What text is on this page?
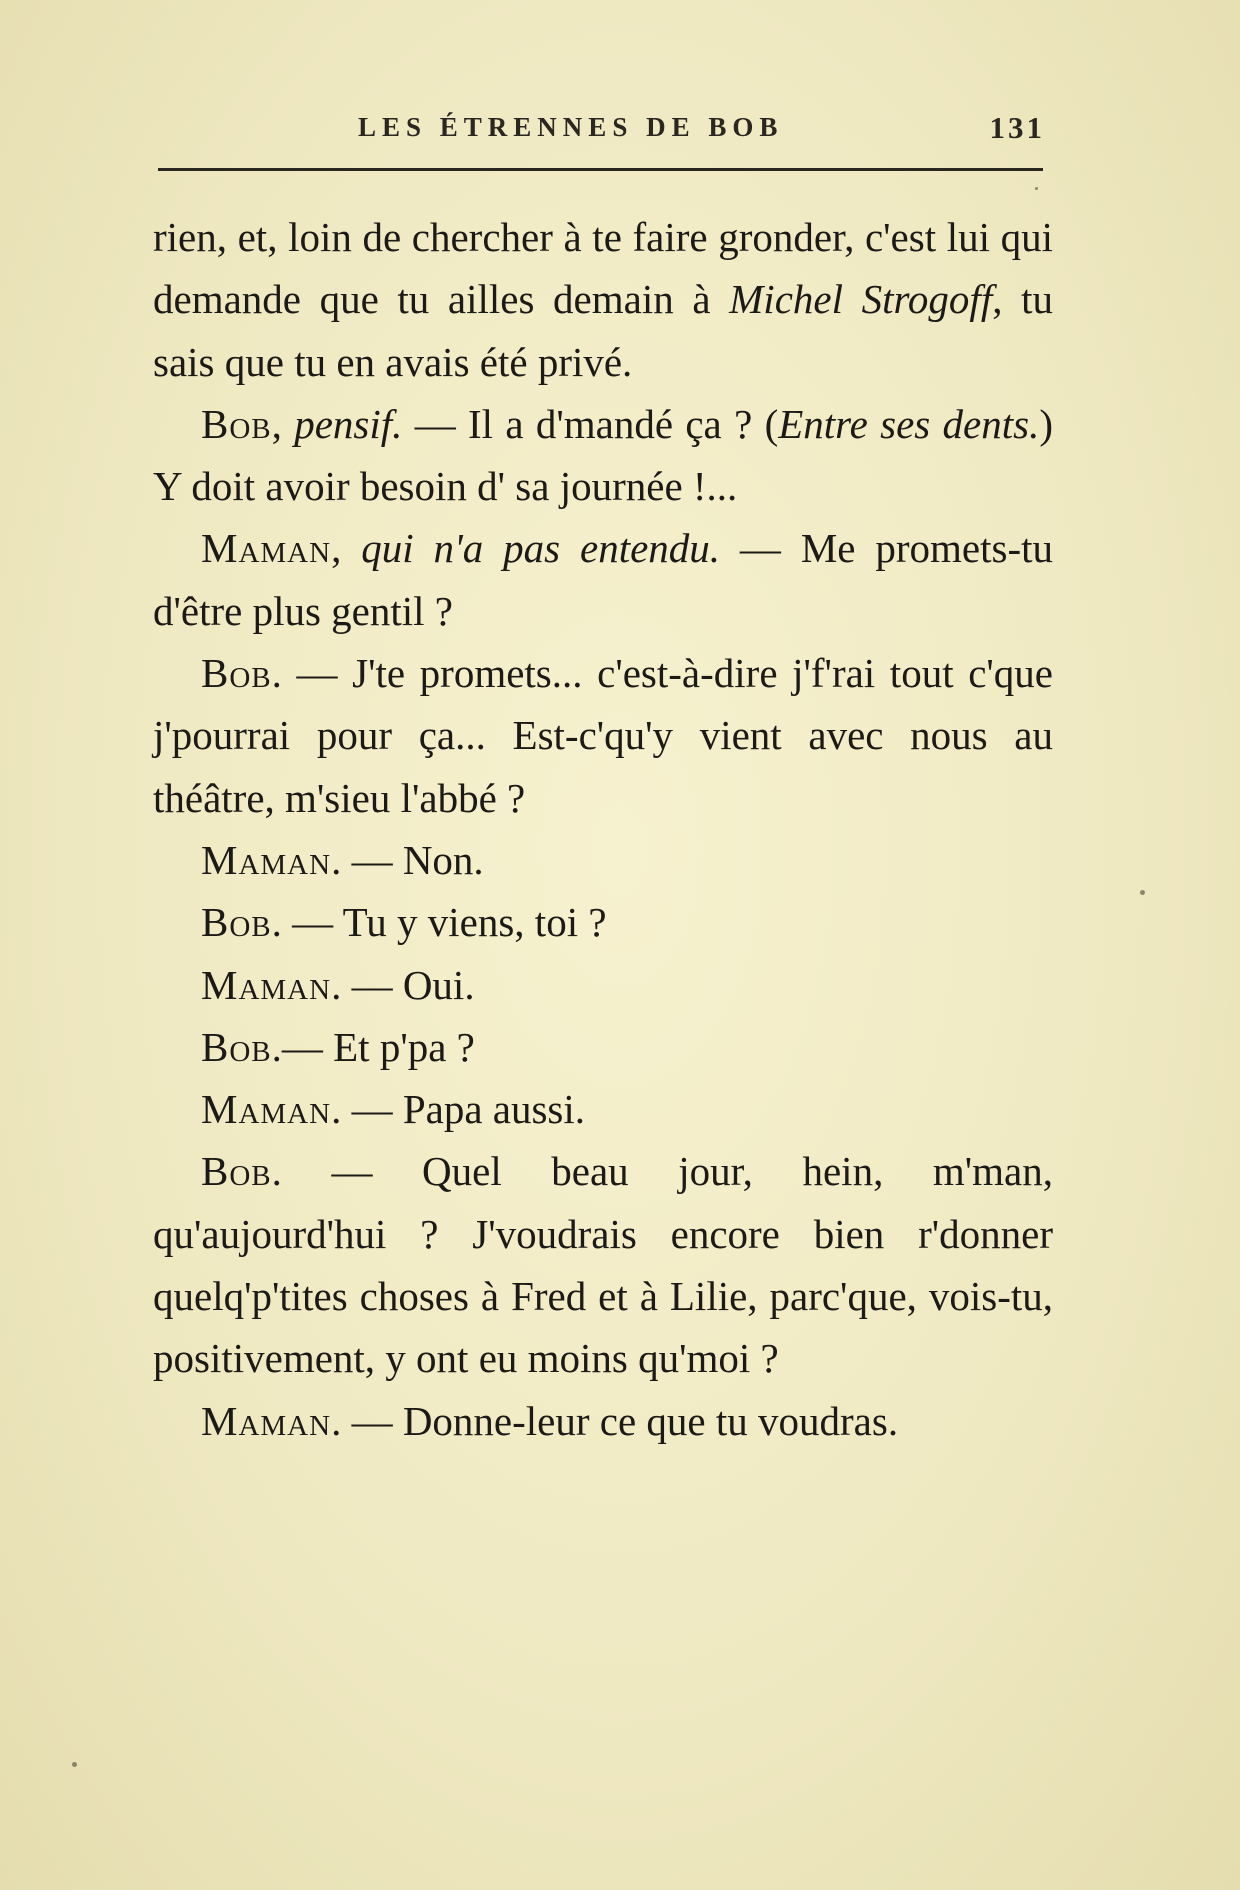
LES ÉTRENNES DE BOB	131

rien, et, loin de chercher à te faire gronder, c'est lui qui demande que tu ailles demain à Michel Strogoff, tu sais que tu en avais été privé.

Bob, pensif. — Il a d'mandé ça ? (Entre ses dents.) Y doit avoir besoin d' sa journée !...

Maman, qui n'a pas entendu. — Me promets-tu d'être plus gentil ?

Bob. — J'te promets... c'est-à-dire j'f'rai tout c'que j'pourrai pour ça... Est-c'qu'y vient avec nous au théâtre, m'sieu l'abbé ?

Maman. — Non.

Bob. — Tu y viens, toi ?

Maman. — Oui.

Bob.— Et p'pa ?

Maman. — Papa aussi.

Bob. — Quel beau jour, hein, m'man, qu'aujourd'hui ? J'voudrais encore bien r'donner quelq'p'tites choses à Fred et à Lilie, parc'que, vois-tu, positivement, y ont eu moins qu'moi ?

Maman. — Donne-leur ce que tu voudras.
